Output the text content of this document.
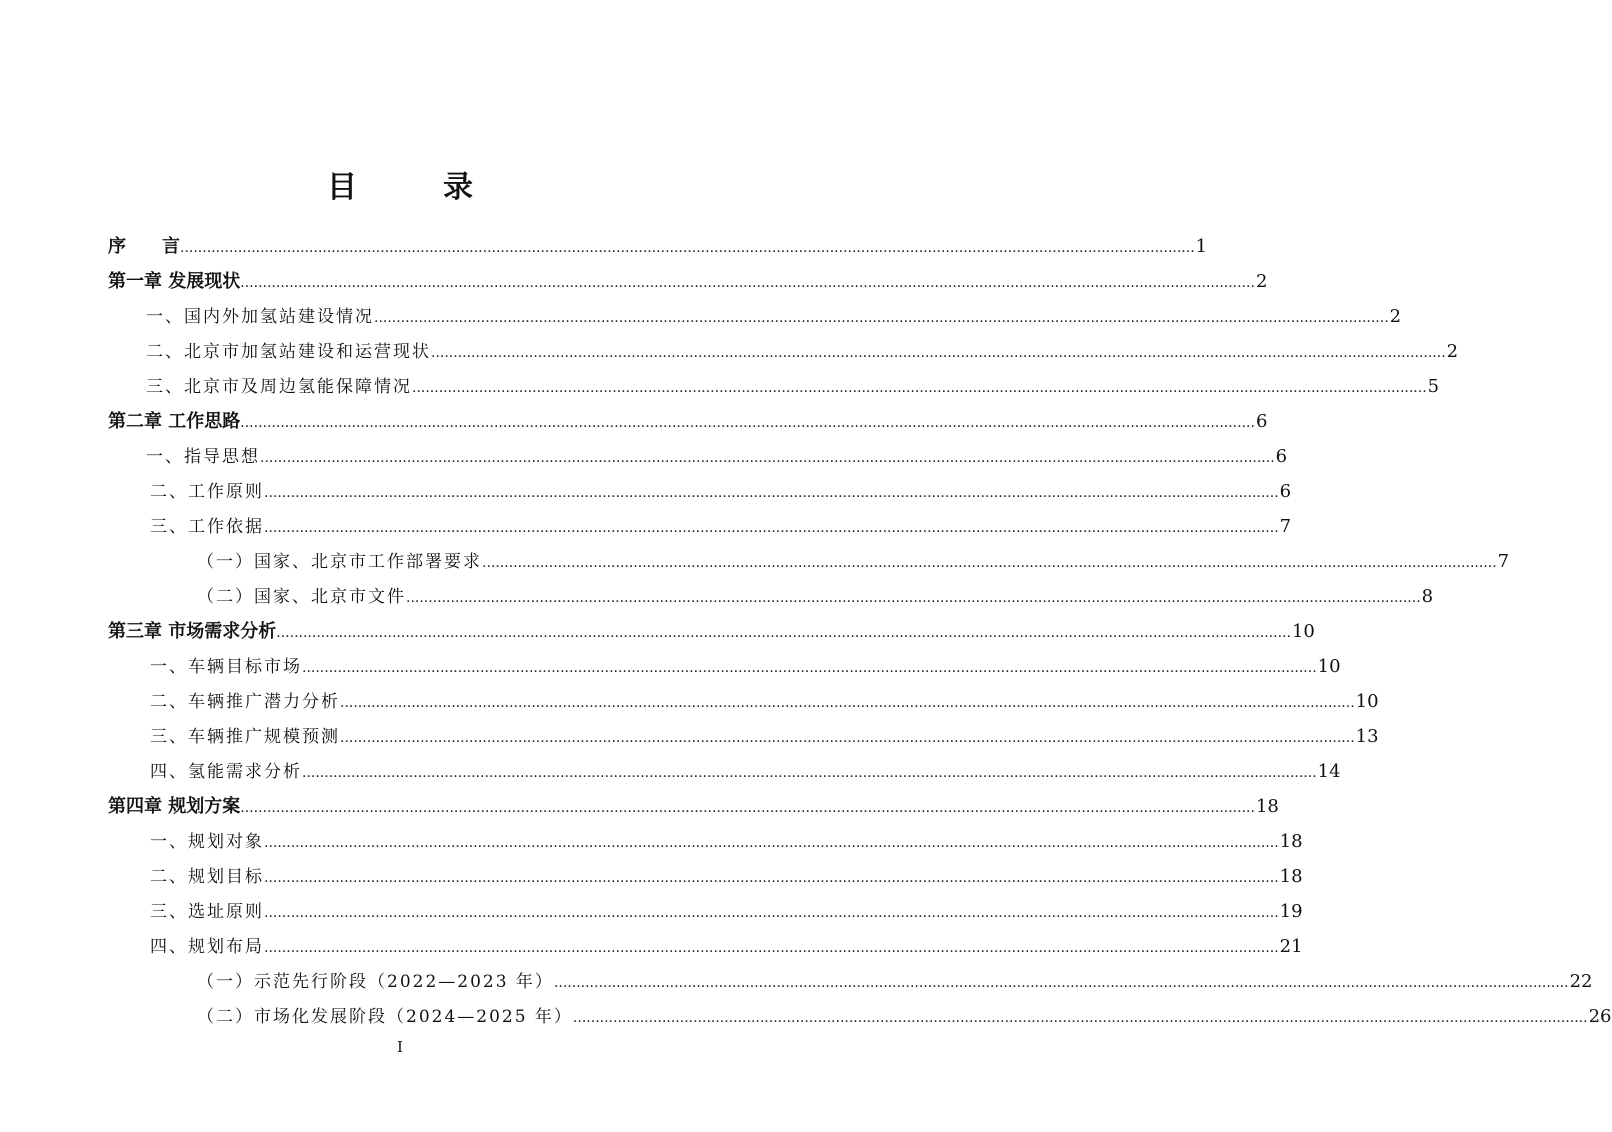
目　录
序　　言 .................................................................................................................................................................................................................................... 1
第一章 发展现状 .................................................................................................................................................................................................................................... 2
一、国内外加氢站建设情况 .................................................................................................................................................................................................................................... 2
二、北京市加氢站建设和运营现状 .................................................................................................................................................................................................................................... 2
三、北京市及周边氢能保障情况 .................................................................................................................................................................................................................................... 5
第二章 工作思路 .................................................................................................................................................................................................................................... 6
一、指导思想 .................................................................................................................................................................................................................................... 6
二、工作原则 .................................................................................................................................................................................................................................... 6
三、工作依据 .................................................................................................................................................................................................................................... 7
（一）国家、北京市工作部署要求 .................................................................................................................................................................................................................................... 7
（二）国家、北京市文件 .................................................................................................................................................................................................................................... 8
第三章 市场需求分析 .................................................................................................................................................................................................................................... 10
一、车辆目标市场 .................................................................................................................................................................................................................................... 10
二、车辆推广潜力分析 .................................................................................................................................................................................................................................... 10
三、车辆推广规模预测 .................................................................................................................................................................................................................................... 13
四、氢能需求分析 .................................................................................................................................................................................................................................... 14
第四章 规划方案 .................................................................................................................................................................................................................................... 18
一、规划对象 .................................................................................................................................................................................................................................... 18
二、规划目标 .................................................................................................................................................................................................................................... 18
三、选址原则 .................................................................................................................................................................................................................................... 19
四、规划布局 .................................................................................................................................................................................................................................... 21
（一）示范先行阶段（2022—2023 年） .................................................................................................................................................................................................................................... 22
（二）市场化发展阶段（2024—2025 年） .................................................................................................................................................................................................................................... 26

I
